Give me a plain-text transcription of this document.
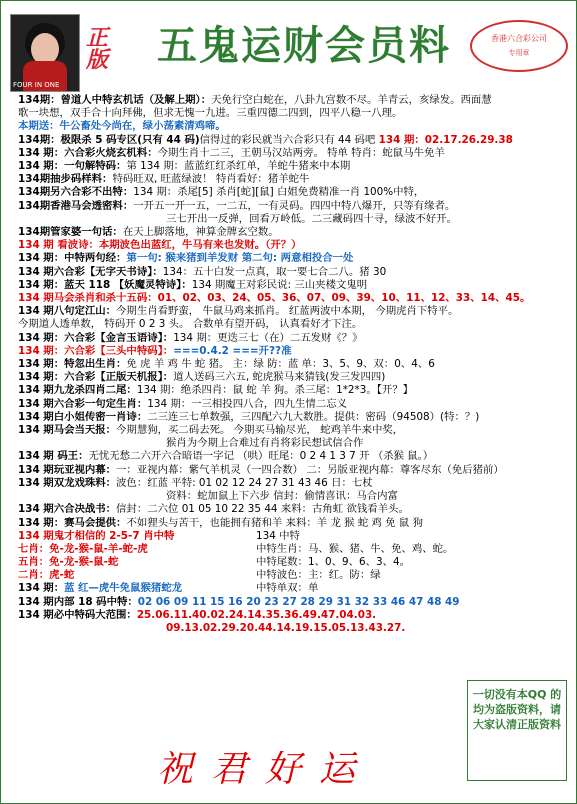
FOUR IN ONE
正版	五鬼运财会员料	香港六合彩公司
专用章
134期：曾道人中特玄机话（及解上期）：天免行空白蛇在，八卦九宫数不尽。羊青云，亥绿发。西面慧
歌一块想，双手合十向拜佛，但求无愧一九进。三重四德二四到，四平八稳一八理。
本期送：牛公畜处今尚在，绿小荡素清鸡啼。
134期：极限杀 5 码专区(只有 44 码)信得过的彩民就当六合彩只有 44 码吧 134 期：02.17.26.29.38
134 期：六合彩火烧玄机料：今期生肖十二三，王朝马汉站两旁。 特单 特肖：蛇鼠马牛免羊
134 期：一句解特码：第 134 期：蓝蓝红红杀红单，羊蛇牛猪来中本期
134期抽步码样料：特码旺双, 旺蓝绿波！ 特肖看好：猪羊蛇牛
134期另六合彩不出特：134 期：杀尾[5] 杀肖[蛇][鼠] 白姐免费精准一肖 100%中特，
134期香港马会透密料：一开五一开一五，一二五，一有灵码。四四中特八爆开，只等有缘者。
三七开出一反弹，回看万岭低。二三藏码四十寻，绿波不好开。
134期管家婆一句话：在天上脚落地，神算金牌玄空数。
134 期 看波诗：本期波色出蓝红，牛马有来也发财。（开？）
134 期：中特两句经：第一句: 猴来猪到羊发财 第二句: 两意相投合一处
134 期六合彩【无字天书诗】：134：五十白发一点真，取一要七合二八。猪 30
134 期：蓝天 118 【妖魔灵特诗】：134 期魔王对彩民说: 三山夹楼文鬼明
134 期马会杀肖和杀十五码：01、02、03、24、05、36、07、09、39、10、11、12、33、14、45。
134 期八句定江山：今期生肖看野蛮， 牛鼠马鸡来抓肖。 红蓝两波中本期， 今期虎肖下特平。
今期道人透单数， 特码开 0 2 3 头。 合数单有望开码， 认真看好才下注。
134 期：六合彩【金言玉语诗】：134 期：更迭三七（在）二五发财《？》
134 期：六合彩【三头中特码】：===0.4.2 ===开??准
134 期：特忽出生肖：免 虎 羊 鸡 牛 蛇 猪。 主：绿 防：蓝 单：3、5、9、双：0、4、6
134 期：六合彩【正版天机报】：道人送码三六五, 蛇虎猴马来猜钱(发三发四四)
134 期九龙杀四肖二尾：134 期：绝杀四肖：鼠 蛇 羊 狗。杀三尾：1*2*3。【开？】
134 期六合彩一句定生肖：134 期：一三相投四八合，四九生情二忘义
134 期白小姐传密一肖诗：二三连三七单数强，三四配六九大数胜。提供：密码（94508）(特：？)
134 期马会当天报：今期慧狗，买二码去死。 今期买马输尽光， 蛇鸡羊牛来中奖，
猴肖为今期上合难过有肖将彩民想试信合作
134 期 码王：无忧无愁二六开六合暗语一字记 （哄）旺尾：0 2 4 1 3 7 开 （杀猴 鼠。）
134 期玩亚视内幕：一：亚视内幕：紫气羊机灵（一四合数） 二：另版亚视内幕：尊客尽东（免后猪前）
134 期双龙戏珠料：波色：红蓝 平特: 01 02 12 24 27 31 43 46 日：七杖
资料：蛇加鼠上下六步 信封：偷情喜讯：马合内富
134 期六合决战书：信封：二六位 01 05 10 22 35 44 来料：古角虹 欲钱看羊头。
134 期：赛马会提供：不如狸头与苦干，也能拥有猪和羊 来料：羊 龙 猴 蛇 鸡 免 鼠 狗
134 期鬼才相信的 2-5-7 肖中特	134 中特
七肖：免-龙-猴-鼠-羊-蛇-虎	中特生肖：马、猴、猪、牛、免、鸡、蛇。
五肖：免-龙-猴-鼠-蛇	中特尾数：1、0、9、6、3、4。
二肖：虎-蛇	中特波色：主：红。防：绿
134 期：蓝 红—虎牛免鼠猴猪蛇龙	中特单双：单
134 期内部 18 码中特：02 06 09 11 15 16 20 23 27 28 29 31 32 33 46 47 48 49
134 期必中特码大范围：25.06.11.40.02.24.14.35.36.49.47.04.03.
09.13.02.29.20.44.14.19.15.05.13.43.27.
一切没有本QQ 的均为盗版资料，请大家认清正版资料
祝君好运
